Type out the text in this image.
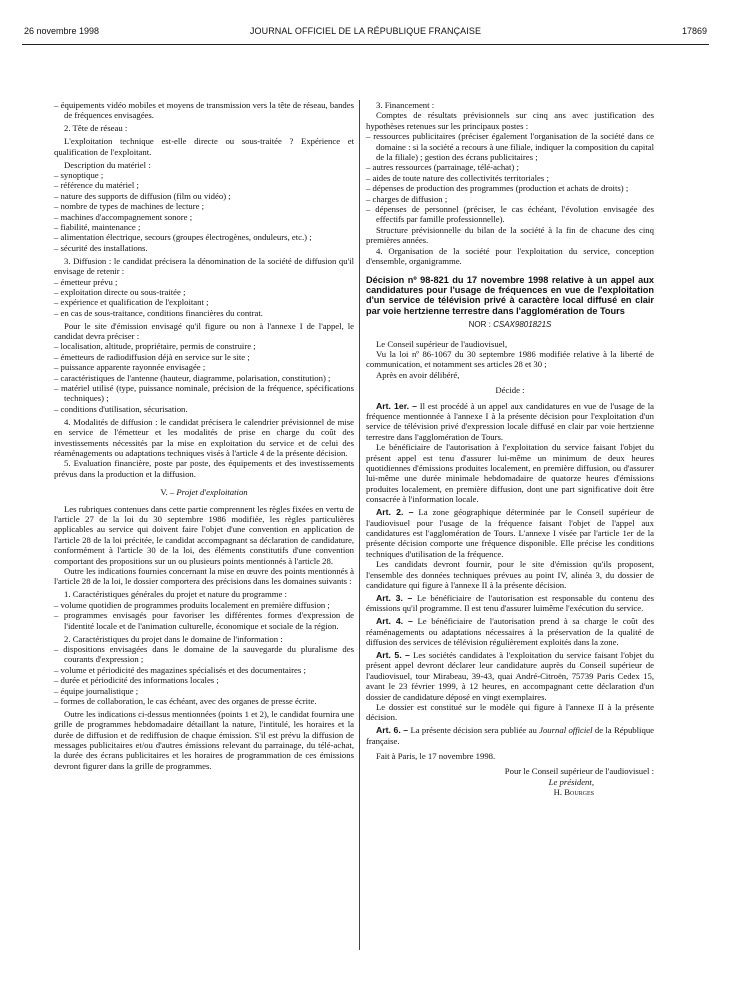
26 novembre 1998	JOURNAL OFFICIEL DE LA RÉPUBLIQUE FRANÇAISE	17869

– équipements vidéo mobiles et moyens de transmission vers la tête de réseau, bandes de fréquences envisagées.

2. Tête de réseau :

L'exploitation technique est-elle directe ou sous-traitée ? Expérience et qualification de l'exploitant.

Description du matériel :

– synoptique ;

– référence du matériel ;

– nature des supports de diffusion (film ou vidéo) ;

– nombre de types de machines de lecture ;

– machines d'accompagnement sonore ;

– fiabilité, maintenance ;

– alimentation électrique, secours (groupes électrogènes, onduleurs, etc.) ;

– sécurité des installations.

3. Diffusion : le candidat précisera la dénomination de la société de diffusion qu'il envisage de retenir :

– émetteur prévu ;

– exploitation directe ou sous-traitée ;

– expérience et qualification de l'exploitant ;

– en cas de sous-traitance, conditions financières du contrat.

Pour le site d'émission envisagé qu'il figure ou non à l'annexe I de l'appel, le candidat devra préciser :

– localisation, altitude, propriétaire, permis de construire ;

– émetteurs de radiodiffusion déjà en service sur le site ;

– puissance apparente rayonnée envisagée ;

– caractéristiques de l'antenne (hauteur, diagramme, polarisation, constitution) ;

– matériel utilisé (type, puissance nominale, précision de la fréquence, spécifications techniques) ;

– conditions d'utilisation, sécurisation.

4. Modalités de diffusion : le candidat précisera le calendrier prévisionnel de mise en service de l'émetteur et les modalités de prise en charge du coût des investissements nécessités par la mise en exploitation du service et de celui des réaménagements ou adaptations techniques visés à l'article 4 de la présente décision.

5. Evaluation financière, poste par poste, des équipements et des investissements prévus dans la production et la diffusion.

V. – Projet d'exploitation

Les rubriques contenues dans cette partie comprennent les règles fixées en vertu de l'article 27 de la loi du 30 septembre 1986 modifiée, les règles particulières applicables au service qui doivent faire l'objet d'une convention en application de l'article 28 de la loi précitée, le candidat accompagnant sa déclaration de candidature, conformément à l'article 30 de la loi, des éléments constitutifs d'une convention comportant des propositions sur un ou plusieurs points mentionnés à l'article 28.

Outre les indications fournies concernant la mise en œuvre des points mentionnés à l'article 28 de la loi, le dossier comportera des précisions dans les domaines suivants :

1. Caractéristiques générales du projet et nature du programme :

– volume quotidien de programmes produits localement en première diffusion ;

– programmes envisagés pour favoriser les différentes formes d'expression de l'identité locale et de l'animation culturelle, économique et sociale de la région.

2. Caractéristiques du projet dans le domaine de l'information :

– dispositions envisagées dans le domaine de la sauvegarde du pluralisme des courants d'expression ;

– volume et périodicité des magazines spécialisés et des documentaires ;

– durée et périodicité des informations locales ;

– équipe journalistique ;

– formes de collaboration, le cas échéant, avec des organes de presse écrite.

Outre les indications ci-dessus mentionnées (points 1 et 2), le candidat fournira une grille de programmes hebdomadaire détaillant la nature, l'intitulé, les horaires et la durée de diffusion et de rediffusion de chaque émission. S'il est prévu la diffusion de messages publicitaires et/ou d'autres émissions relevant du parrainage, du télé-achat, la durée des écrans publicitaires et les horaires de programmation de ces émissions devront figurer dans la grille de programmes.

3. Financement :

Comptes de résultats prévisionnels sur cinq ans avec justification des hypothèses retenues sur les principaux postes :

– ressources publicitaires (préciser également l'organisation de la société dans ce domaine : si la société a recours à une filiale, indiquer la composition du capital de la filiale) ; gestion des écrans publicitaires ;

– autres ressources (parrainage, télé-achat) ;

– aides de toute nature des collectivités territoriales ;

– dépenses de production des programmes (production et achats de droits) ;

– charges de diffusion ;

– dépenses de personnel (préciser, le cas échéant, l'évolution envisagée des effectifs par famille professionnelle).

Structure prévisionnelle du bilan de la société à la fin de chacune des cinq premières années.

4. Organisation de la société pour l'exploitation du service, conception d'ensemble, organigramme.

Décision nº 98-821 du 17 novembre 1998 relative à un appel aux candidatures pour l'usage de fréquences en vue de l'exploitation d'un service de télévision privé à caractère local diffusé en clair par voie hertzienne terrestre dans l'agglomération de Tours

NOR : CSAX9801821S

Le Conseil supérieur de l'audiovisuel,

Vu la loi nº 86-1067 du 30 septembre 1986 modifiée relative à la liberté de communication, et notamment ses articles 28 et 30 ;

Après en avoir délibéré,

Décide :

Art. 1er. – Il est procédé à un appel aux candidatures en vue de l'usage de la fréquence mentionnée à l'annexe I à la présente décision pour l'exploitation d'un service de télévision privé d'expression locale diffusé en clair par voie hertzienne terrestre dans l'agglomération de Tours.

Le bénéficiaire de l'autorisation à l'exploitation du service faisant l'objet du présent appel est tenu d'assurer lui-même un minimum de deux heures quotidiennes d'émissions produites localement, en première diffusion, ou d'assurer lui-même une durée minimale hebdomadaire de quatorze heures d'émissions produites localement, en première diffusion, dont une part significative doit être consacrée à l'information locale.

Art. 2. – La zone géographique déterminée par le Conseil supérieur de l'audiovisuel pour l'usage de la fréquence faisant l'objet de l'appel aux candidatures est l'agglomération de Tours. L'annexe I visée par l'article 1er de la présente décision comporte une fréquence disponible. Elle précise les conditions techniques d'utilisation de la fréquence.

Les candidats devront fournir, pour le site d'émission qu'ils proposent, l'ensemble des données techniques prévues au point IV, alinéa 3, du dossier de candidature qui figure à l'annexe II à la présente décision.

Art. 3. – Le bénéficiaire de l'autorisation est responsable du contenu des émissions qu'il programme. Il est tenu d'assurer luimême l'exécution du service.

Art. 4. – Le bénéficiaire de l'autorisation prend à sa charge le coût des réaménagements ou adaptations nécessaires à la préservation de la qualité de diffusion des services de télévision régulièrement exploités dans la zone.

Art. 5. – Les sociétés candidates à l'exploitation du service faisant l'objet du présent appel devront déclarer leur candidature auprès du Conseil supérieur de l'audiovisuel, tour Mirabeau, 39-43, quai André-Citroën, 75739 Paris Cedex 15, avant le 23 février 1999, à 12 heures, en accompagnant cette déclaration d'un dossier de candidature déposé en vingt exemplaires.

Le dossier est constitué sur le modèle qui figure à l'annexe II à la présente décision.

Art. 6. – La présente décision sera publiée au Journal officiel de la République française.

Fait à Paris, le 17 novembre 1998.

Pour le Conseil supérieur de l'audiovisuel :

Le président,

H. Bourges
